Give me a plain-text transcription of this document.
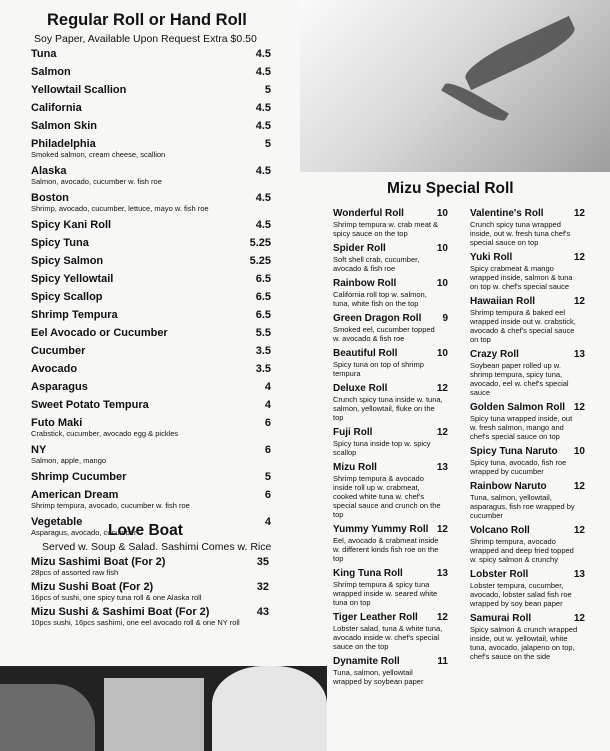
Regular Roll or Hand Roll
Soy Paper, Available Upon Request Extra $0.50
Tuna	4.5
Salmon	4.5
Yellowtail Scallion	5
California	4.5
Salmon Skin	4.5
Philadelphia	5
Smoked salmon, cream cheese, scallion
Alaska	4.5
Salmon, avocado, cucumber w. fish roe
Boston	4.5
Shrimp, avocado, cucumber, lettuce, mayo w. fish roe
Spicy Kani Roll	4.5
Spicy Tuna	5.25
Spicy Salmon	5.25
Spicy Yellowtail	6.5
Spicy Scallop	6.5
Shrimp Tempura	6.5
Eel Avocado or Cucumber	5.5
Cucumber	3.5
Avocado	3.5
Asparagus	4
Sweet Potato Tempura	4
Futo Maki	6
Crabstick, cucumber, avocado egg & pickles
NY	6
Salmon, apple, mango
Shrimp Cucumber	5
American Dream	6
Shrimp tempura, avocado, cucumber w. fish roe
Vegetable	4
Asparagus, avocado, cucumber
Love Boat
Served w. Soup & Salad. Sashimi Comes w. Rice
Mizu Sashimi Boat (For 2)	35
28pcs of assorted raw fish
Mizu Sushi Boat (For 2)	32
16pcs of sushi, one spicy tuna roll & one Alaska roll
Mizu Sushi & Sashimi Boat (For 2)	43
10pcs sushi, 16pcs sashimi, one eel avocado roll & one NY roll
Mizu Special Roll
Wonderful Roll	10
Shrimp tempura w. crab meat & spicy sauce on the top
Spider Roll	10
Soft shell crab, cucumber, avocado & fish roe
Rainbow Roll	10
California roll top w. salmon, tuna, white fish on the top
Green Dragon Roll	9
Smoked eel, cucumber topped w. avocado & fish roe
Beautiful Roll	10
Spicy tuna on top of shrimp tempura
Deluxe Roll	12
Crunch spicy tuna inside w. tuna, salmon, yellowtail, fluke on the top
Fuji Roll	12
Spicy tuna inside top w. spicy scallop
Mizu Roll	13
Shrimp tempura & avocado inside roll up w. crabmeat, cooked white tuna w. chef's special sauce and crunch on the top
Yummy Yummy Roll 12
Eel, avocado & crabmeat inside w. different kinds fish roe on the top
King Tuna Roll	13
Shrimp tempura & spicy tuna wrapped inside w. seared white tuna on top
Tiger Leather Roll	12
Lobster salad, tuna & white tuna, avocado inside w. chef's special sauce on the top
Dynamite Roll	11
Tuna, salmon, yellowtail wrapped by soybean paper
Valentine's Roll	12
Crunch spicy tuna wrapped inside, out w. fresh tuna chef's special sauce on top
Yuki Roll	12
Spicy crabmeat & mango wrapped inside, salmon & tuna on top w. chef's special sauce
Hawaiian Roll	12
Shrimp tempura & baked eel wrapped inside out w. crabstick, avocado & chef's special sauce on top
Crazy Roll	13
Soybean paper rolled up w. shrimp tempura, spicy tuna, avocado, eel w. chef's special sauce
Golden Salmon Roll 12
Spicy tuna wrapped inside, out w. fresh salmon, mango and chef's special sauce on top
Spicy Tuna Naruto	10
Spicy tuna, avocado, fish roe wrapped by cucumber
Rainbow Naruto	12
Tuna, salmon, yellowtail, asparagus, fish roe wrapped by cucumber
Volcano Roll	12
Shrimp tempura, avocado wrapped and deep fried topped w. spicy salmon & crunchy
Lobster Roll	13
Lobster tempura, cucumber, avocado, lobster salad fish roe wrapped by soy bean paper
Samurai Roll	12
Spicy salmon & crunch wrapped inside, out w. yellowtail, white tuna, avocado, jalapeno on top, chef's sauce on the side
